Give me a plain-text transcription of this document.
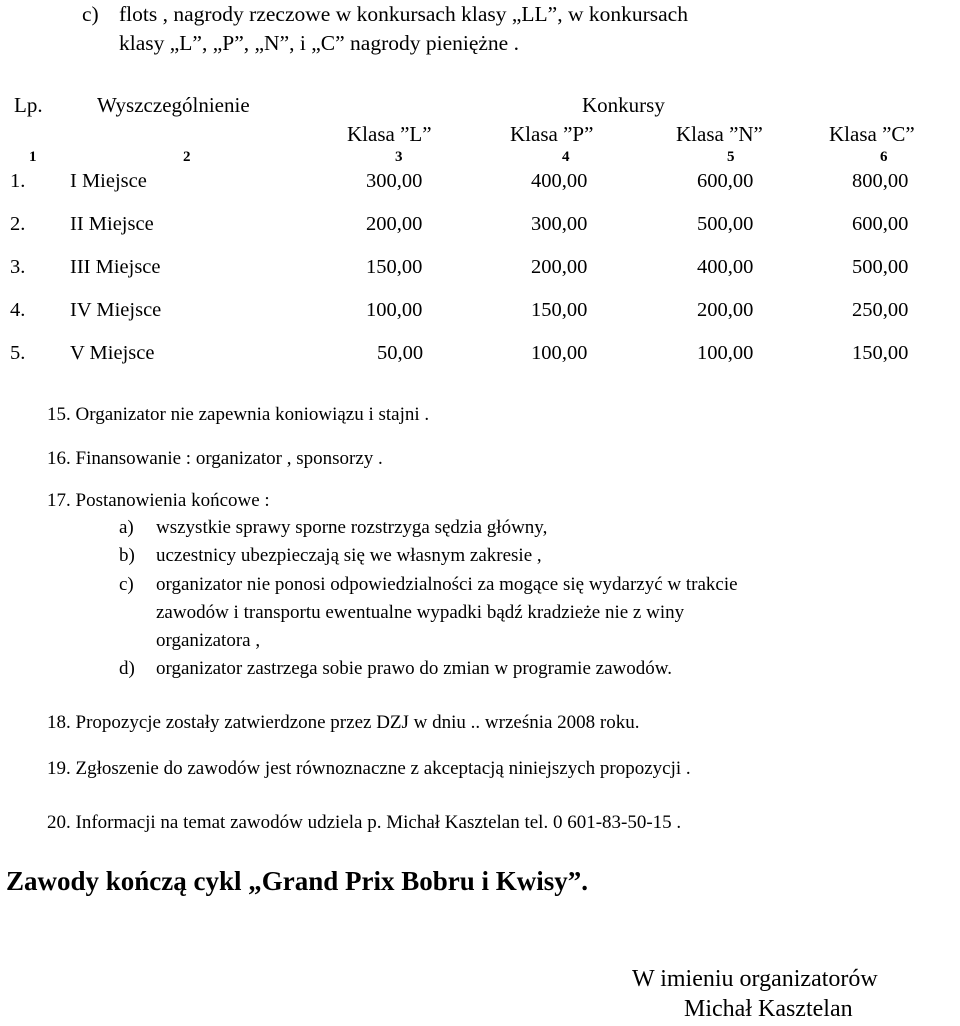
c) flots , nagrody rzeczowe w konkursach klasy „LL”, w konkursach
klasy „L”, „P”, „N”, i „C” nagrody pieniężne .
Lp.	Wyszczególnienie	Konkursy
Klasa ”L”	Klasa ”P”	Klasa ”N”	Klasa ”C”
1	2	3	4	5	6
1. I Miejsce	300,00	400,00	600,00	800,00
2. II Miejsce	200,00	300,00	500,00	600,00
3. III Miejsce	150,00	200,00	400,00	500,00
4. IV Miejsce	100,00	150,00	200,00	250,00
5. V Miejsce	50,00	100,00	100,00	150,00
15. Organizator nie zapewnia koniowiązu i stajni .
16. Finansowanie : organizator , sponsorzy .
17. Postanowienia końcowe :
a) wszystkie sprawy sporne rozstrzyga sędzia główny,
b) uczestnicy ubezpieczają się we własnym zakresie ,
c) organizator nie ponosi odpowiedzialności za mogące się wydarzyć w trakcie
zawodów i transportu ewentualne wypadki bądź kradzieże nie z winy
organizatora ,
d) organizator zastrzega sobie prawo do zmian w programie zawodów.
18. Propozycje zostały zatwierdzone przez DZJ w dniu .. września 2008 roku.
19. Zgłoszenie do zawodów jest równoznaczne z akceptacją niniejszych propozycji .
20. Informacji na temat zawodów udziela p. Michał Kasztelan tel. 0 601-83-50-15 .
Zawody kończą cykl „Grand Prix Bobru i Kwisy”.
W imieniu organizatorów
Michał Kasztelan
